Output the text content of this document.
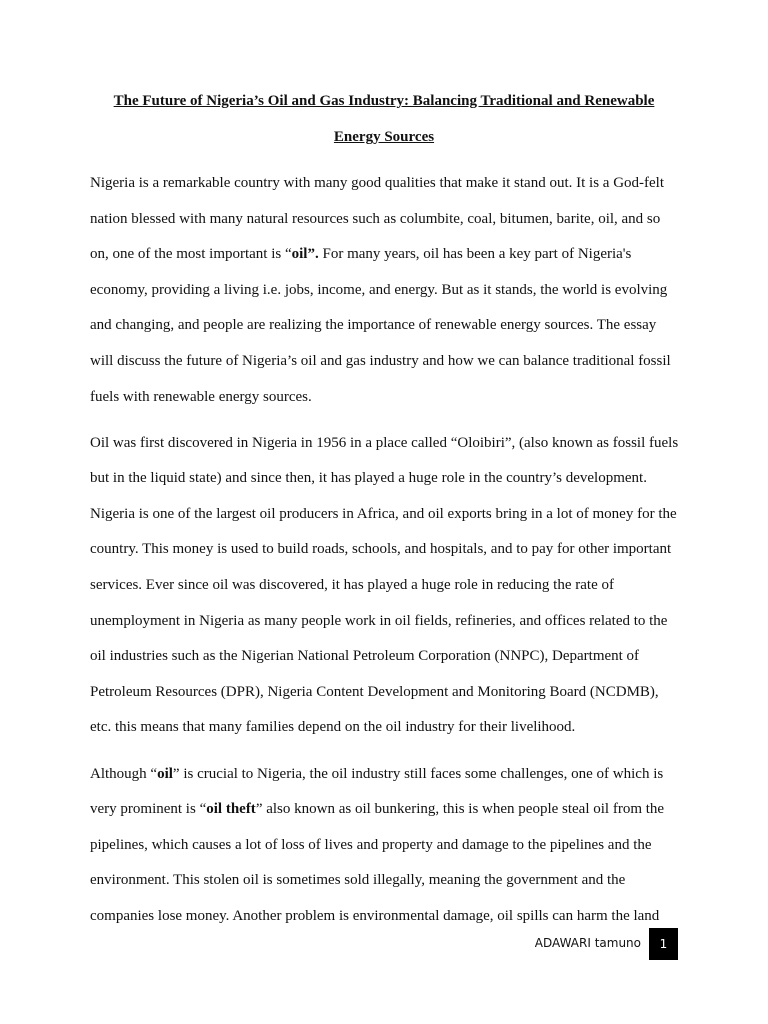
The Future of Nigeria’s Oil and Gas Industry: Balancing Traditional and Renewable Energy Sources

Nigeria is a remarkable country with many good qualities that make it stand out. It is a God-felt nation blessed with many natural resources such as columbite, coal, bitumen, barite, oil, and so on, one of the most important is “oil”. For many years, oil has been a key part of Nigeria's economy, providing a living i.e. jobs, income, and energy. But as it stands, the world is evolving and changing, and people are realizing the importance of renewable energy sources. The essay will discuss the future of Nigeria’s oil and gas industry and how we can balance traditional fossil fuels with renewable energy sources.

Oil was first discovered in Nigeria in 1956 in a place called “Oloibiri”, (also known as fossil fuels but in the liquid state) and since then, it has played a huge role in the country’s development. Nigeria is one of the largest oil producers in Africa, and oil exports bring in a lot of money for the country. This money is used to build roads, schools, and hospitals, and to pay for other important services. Ever since oil was discovered, it has played a huge role in reducing the rate of unemployment in Nigeria as many people work in oil fields, refineries, and offices related to the oil industries such as the Nigerian National Petroleum Corporation (NNPC), Department of Petroleum Resources (DPR), Nigeria Content Development and Monitoring Board (NCDMB), etc. this means that many families depend on the oil industry for their livelihood.

Although “oil” is crucial to Nigeria, the oil industry still faces some challenges, one of which is very prominent is “oil theft” also known as oil bunkering, this is when people steal oil from the pipelines, which causes a lot of loss of lives and property and damage to the pipelines and the environment. This stolen oil is sometimes sold illegally, meaning the government and the companies lose money. Another problem is environmental damage, oil spills can harm the land

ADAWARI tamuno 1
